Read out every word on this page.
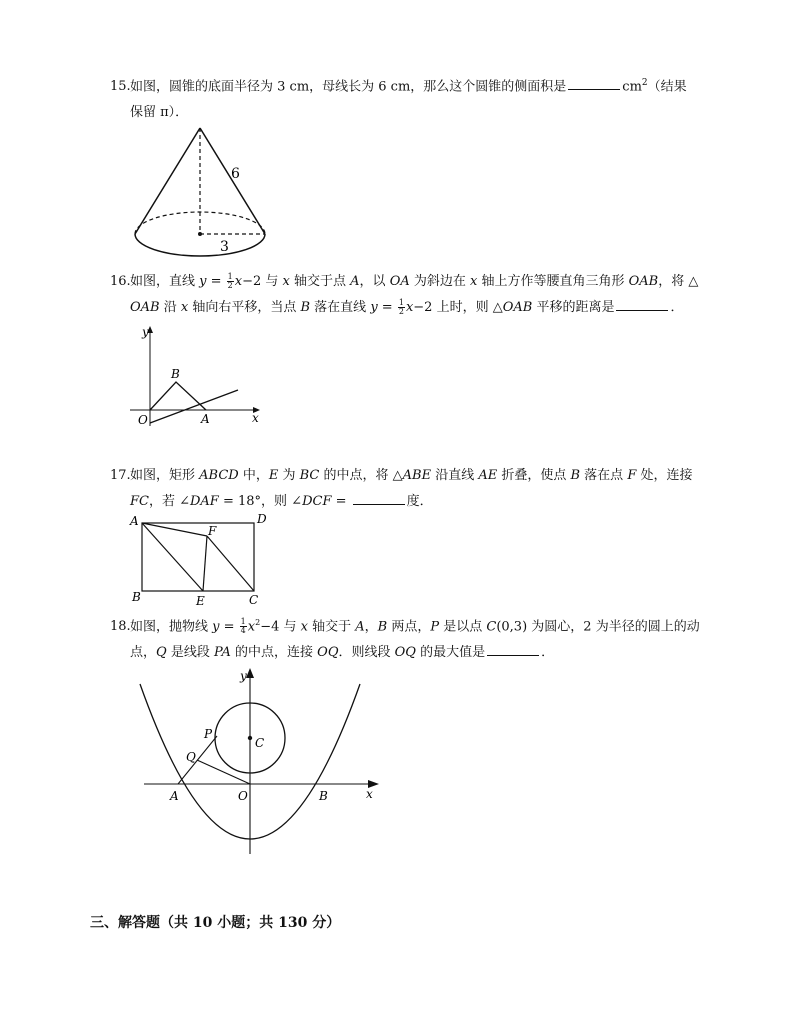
15.如图，圆锥的底面半径为 3 cm，母线长为 6 cm，那么这个圆锥的侧面积是	$cm^2$（结果
保留 π）．
6
3
16.如图，直线 $y = \frac{1}{2} x-2$ 与 x 轴交于点 A，以 OA 为斜边在 x 轴上方作等腰直角三角形 OAB，将 △
OAB 沿 x 轴向右平移，当点 B 落在直线 $y = \frac{1}{2} x-2$ 上时，则 △OAB 平移的距离是	．
y
x
O	A
B
17.如图，矩形 ABCD 中，E 为 BC 的中点，将 △ABE 沿直线 AE 折叠，使点 B 落在点 F 处，连接
FC，若 ∠DAF = 18°，则 ∠DCF =	度．
A	D
F
B	E	C
18.如图，抛物线 $y = \frac{1}{4} x^2-4$ 与 x 轴交于 A，B 两点，P 是以点 C(0,3) 为圆心，2 为半径的圆上的动
点，Q 是线段 PA 的中点，连接 OQ．则线段 OQ 的最大值是	．
y
x
O
A	B
C
P
Q
三、解答题（共 10 小题；共 130 分）
